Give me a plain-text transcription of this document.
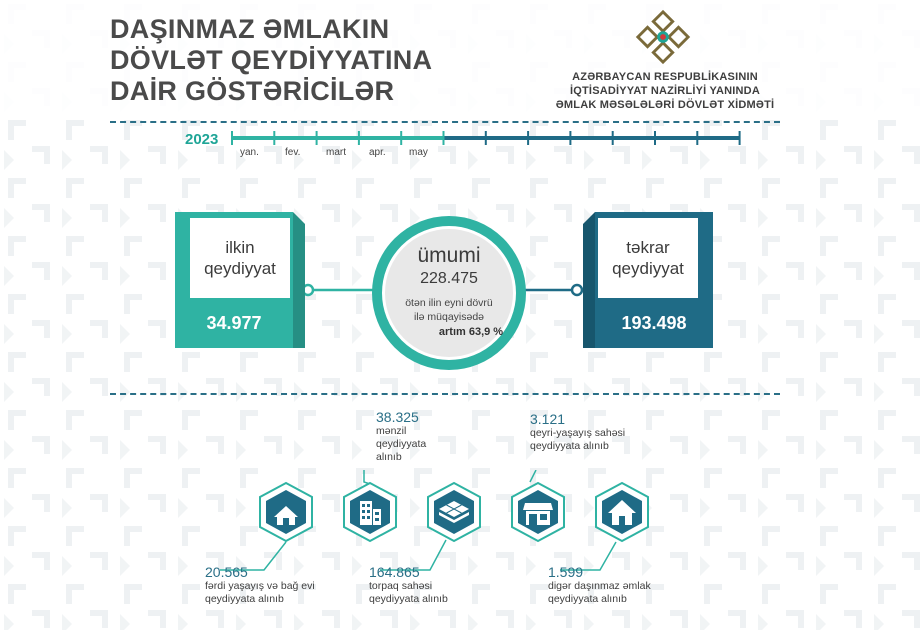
DAŞINMAZ ƏMLAKIN
DÖVLƏT QEYDİYYATINA
DAİR GÖSTƏRİCİLƏR	AZƏRBAYCAN RESPUBLİKASININ
İQTİSADİYYAT NAZİRLİYİ YANINDA
ƏMLAK MƏSƏLƏLƏRİ DÖVLƏT XİDMƏTİ
2023
yan.	fev.	mart apr. may
ilkin
qeydiyyat
34.977
təkrar
qeydiyyat
193.498
ümumi
228.475
ötən ilin eyni dövrü
ilə müqayisədə
artım 63,9 %
38.325
mənzil
qeydiyyata
alınıb
3.121
qeyri-yaşayış sahəsi
qeydiyyata alınıb
20.565
fərdi yaşayış və bağ evi
qeydiyyata alınıb
164.865
torpaq sahəsi
qeydiyyata alınıb
1.599
digər daşınmaz əmlak
qeydiyyata alınıb
